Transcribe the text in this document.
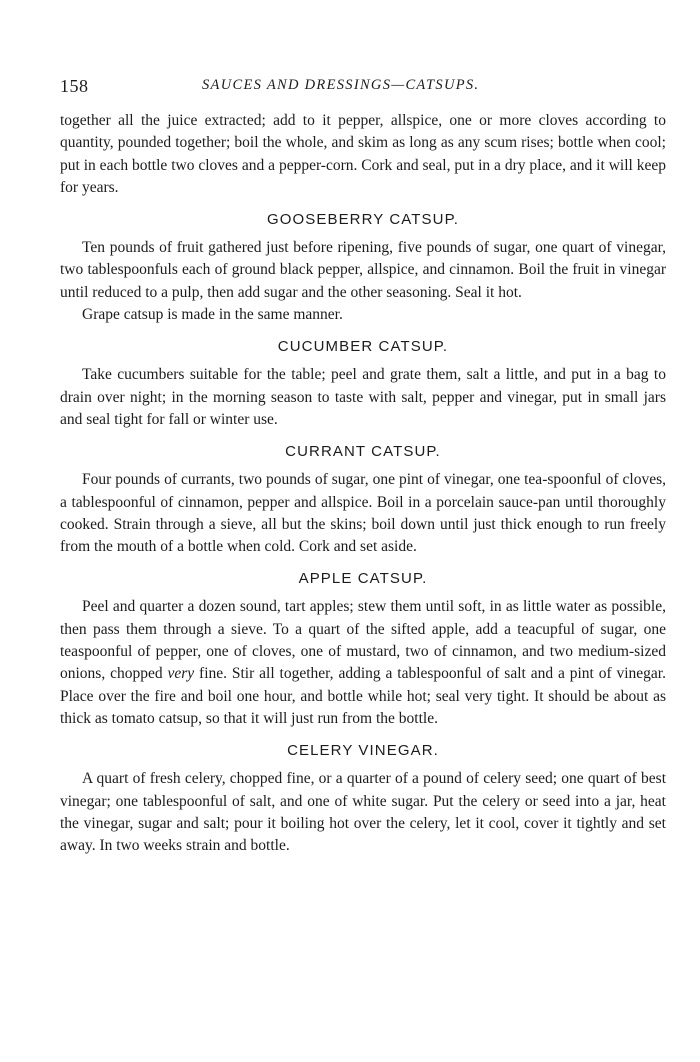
158	SAUCES AND DRESSINGS—CATSUPS.

together all the juice extracted; add to it pepper, allspice, one or more cloves according to quantity, pounded together; boil the whole, and skim as long as any scum rises; bottle when cool; put in each bottle two cloves and a pepper-corn. Cork and seal, put in a dry place, and it will keep for years.

GOOSEBERRY CATSUP.

Ten pounds of fruit gathered just before ripening, five pounds of sugar, one quart of vinegar, two tablespoonfuls each of ground black pepper, allspice, and cinnamon. Boil the fruit in vinegar until reduced to a pulp, then add sugar and the other seasoning. Seal it hot.

Grape catsup is made in the same manner.

CUCUMBER CATSUP.

Take cucumbers suitable for the table; peel and grate them, salt a little, and put in a bag to drain over night; in the morning season to taste with salt, pepper and vinegar, put in small jars and seal tight for fall or winter use.

CURRANT CATSUP.

Four pounds of currants, two pounds of sugar, one pint of vinegar, one tea-spoonful of cloves, a tablespoonful of cinnamon, pepper and allspice. Boil in a porcelain sauce-pan until thoroughly cooked. Strain through a sieve, all but the skins; boil down until just thick enough to run freely from the mouth of a bottle when cold. Cork and set aside.

APPLE CATSUP.

Peel and quarter a dozen sound, tart apples; stew them until soft, in as little water as possible, then pass them through a sieve. To a quart of the sifted apple, add a teacupful of sugar, one teaspoonful of pepper, one of cloves, one of mustard, two of cinnamon, and two medium-sized onions, chopped very fine. Stir all together, adding a tablespoonful of salt and a pint of vinegar. Place over the fire and boil one hour, and bottle while hot; seal very tight. It should be about as thick as tomato catsup, so that it will just run from the bottle.

CELERY VINEGAR.

A quart of fresh celery, chopped fine, or a quarter of a pound of celery seed; one quart of best vinegar; one tablespoonful of salt, and one of white sugar. Put the celery or seed into a jar, heat the vinegar, sugar and salt; pour it boiling hot over the celery, let it cool, cover it tightly and set away. In two weeks strain and bottle.
